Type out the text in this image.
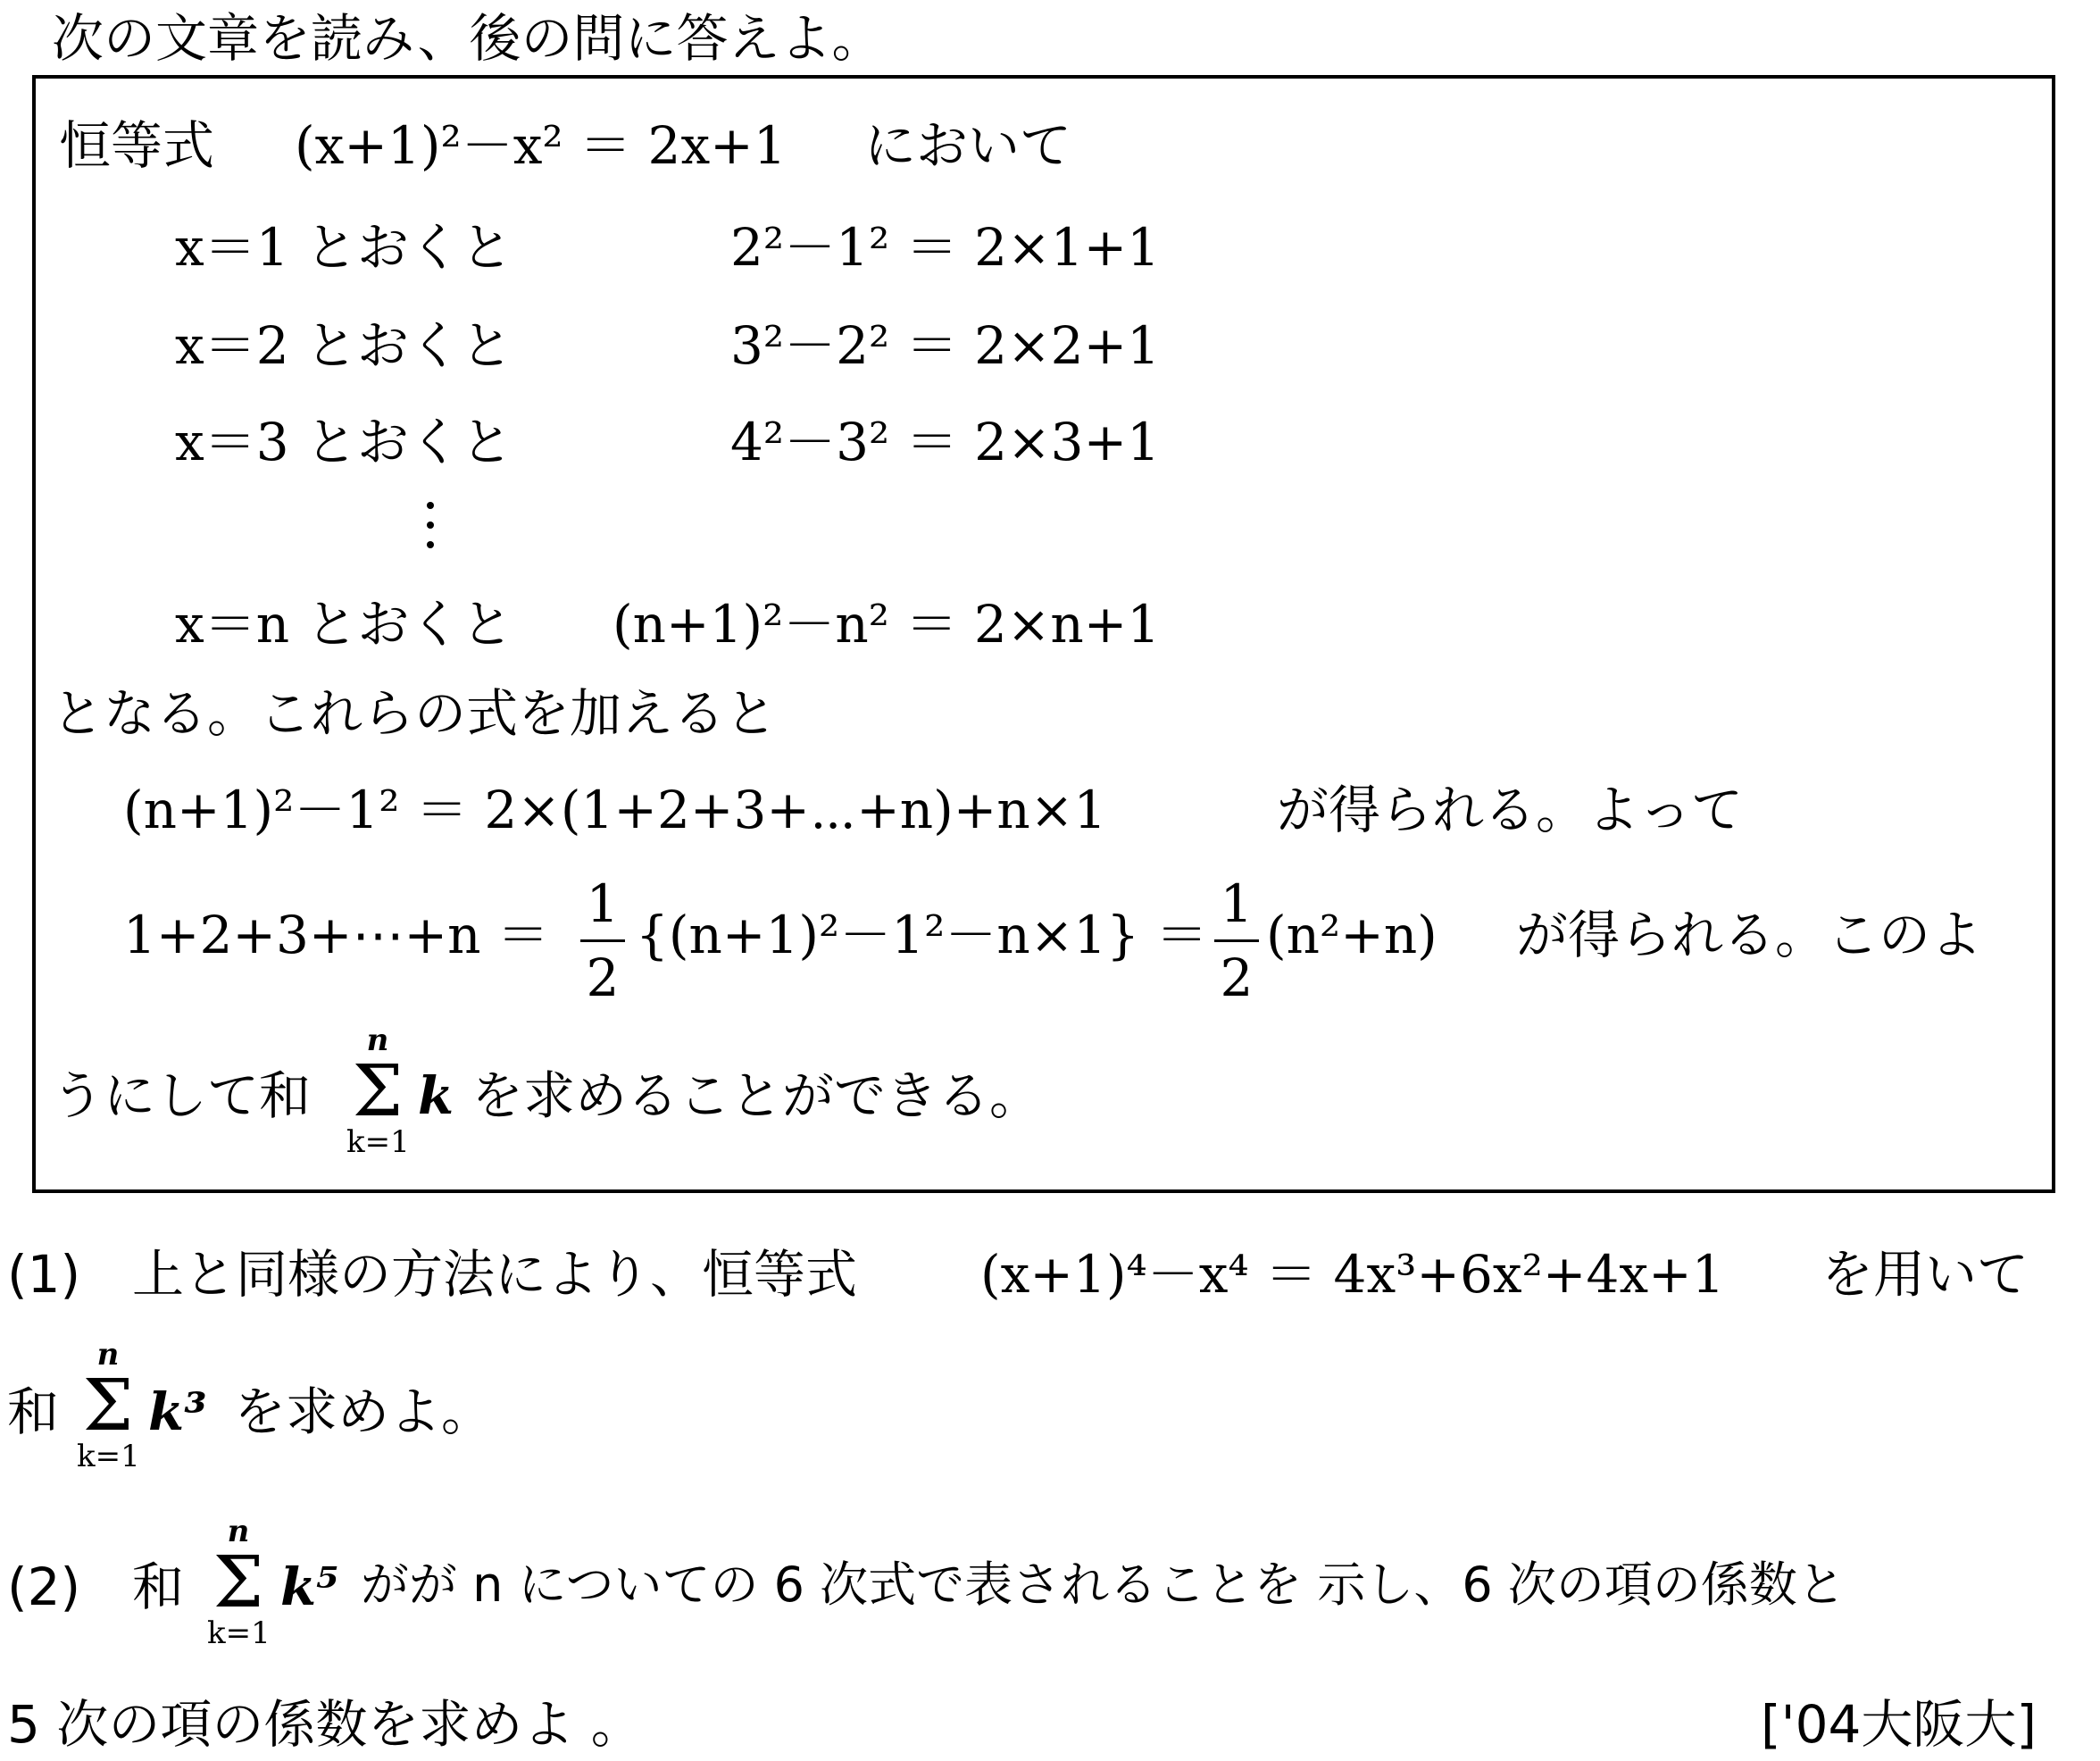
次の文章を読み、後の問に答えよ。
恒等式 (x+1)²－x² ＝ 2x+1 において
x＝1 とおくと	2²－1² ＝ 2×1+1
x＝2 とおくと	3²－2² ＝ 2×2+1
x＝3 とおくと	4²－3² ＝ 2×3+1
x＝n とおくと (n+1)²－n² ＝ 2×n+1
となる。これらの式を加えると
(n+1)²－1² ＝ 2×(1+2+3+⋯+n)+n×1	が得られる。よって
1+2+3+⋯+n ＝
1
2
{(n+1)²－1²－n×1} ＝
1
2
(n²+n) が得られる。このよ
うにして和
n
Σ
k=1
k を求めることができる。
(1) 上と同様の方法により、恒等式 (x+1)⁴－x⁴ ＝ 4x³+6x²+4x+1 を用いて
和
n
Σ
k=1
k³ を求めよ。
(2) 和
n
Σ
k=1
k⁵ がが n についての 6 次式で表されることを 示し、6 次の項の係数と
5 次の項の係数を求めよ 。	['04大阪大]
